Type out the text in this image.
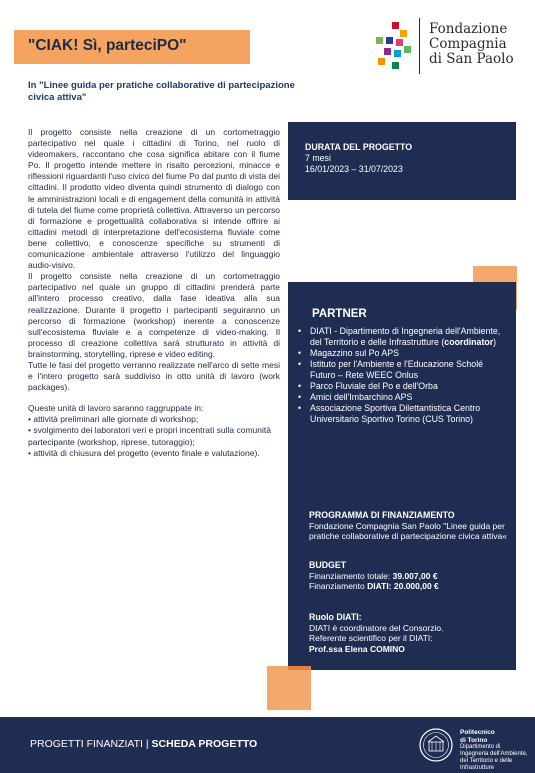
"CIAK! Sì, parteciPO"
Fondazione
Compagnia
di San Paolo
In "Linee guida per pratiche collaborative di partecipazione civica attiva"

Il progetto consiste nella creazione di un cortometraggio partecipativo nel quale i cittadini di Torino, nel ruolo di videomakers, raccontano che cosa significa abitare con il fiume Po. Il progetto intende mettere in risalto percezioni, minacce e riflessioni riguardanti l'uso civico del fiume Po dal punto di vista dei cittadini. Il prodotto video diventa quindi strumento di dialogo con le amministrazioni locali e di engagement della comunità in attività di tutela del fiume come proprietà collettiva. Attraverso un percorso di formazione e progettualità collaborativa si intende offrire ai cittadini metodi di interpretazione dell'ecosistema fluviale come bene collettivo, e conoscenze specifiche su strumenti di comunicazione ambientale attraverso l'utilizzo del linguaggio audio-visivo.

Il progetto consiste nella creazione di un cortometraggio partecipativo nel quale un gruppo di cittadini prenderà parte all'intero processo creativo, dalla fase ideativa alla sua realizzazione. Durante il progetto i partecipanti seguiranno un percorso di formazione (workshop) inerente a conoscenze sull'ecosistema fluviale e a competenze di video-making. Il processo di creazione collettiva sarà strutturato in attività di brainstorming, storytelling, riprese e video editing.

Tutte le fasi del progetto verranno realizzate nell'arco di sette mesi e l'intero progetto sarà suddiviso in otto unità di lavoro (work packages).

Queste unità di lavoro saranno raggruppate in:

• attività preliminari alle giornate di workshop;

• svolgimento dei laboratori veri e propri incentrati sulla comunità

partecipante (workshop, riprese, tutoraggio);

• attività di chiusura del progetto (evento finale e valutazione).

DURATA DEL PROGETTO
7 mesi
16/01/2023 – 31/07/2023
PARTNER
• DIATI - Dipartimento di Ingegneria dell'Ambiente, del Territorio e delle Infrastrutture (coordinator)
• Magazzino sul Po APS
• Istituto per l'Ambiente e l'Educazione Scholé Futuro – Rete WEEC Onlus
• Parco Fluviale del Po e dell'Orba
• Amici dell'Imbarchino APS
• Associazione Sportiva Dilettantistica Centro Universitario Sportivo Torino (CUS Torino)
PROGRAMMA DI FINANZIAMENTO
Fondazione Compagnia San Paolo "Linee guida per pratiche collaborative di partecipazione civica attiva«
BUDGET
Finanziamento totale: 39.007,00 €
Finanziamento DIATI: 20.000,00 €
Ruolo DIATI:
DIATI è coordinatore del Consorzio.
Referente scientifico per il DIATI:
Prof.ssa Elena COMINO
PROGETTI FINANZIATI | SCHEDA PROGETTO
Politecnico
di Torino
Dipartimento di Ingegneria dell'Ambiente, del Territorio e delle Infrastrutture
